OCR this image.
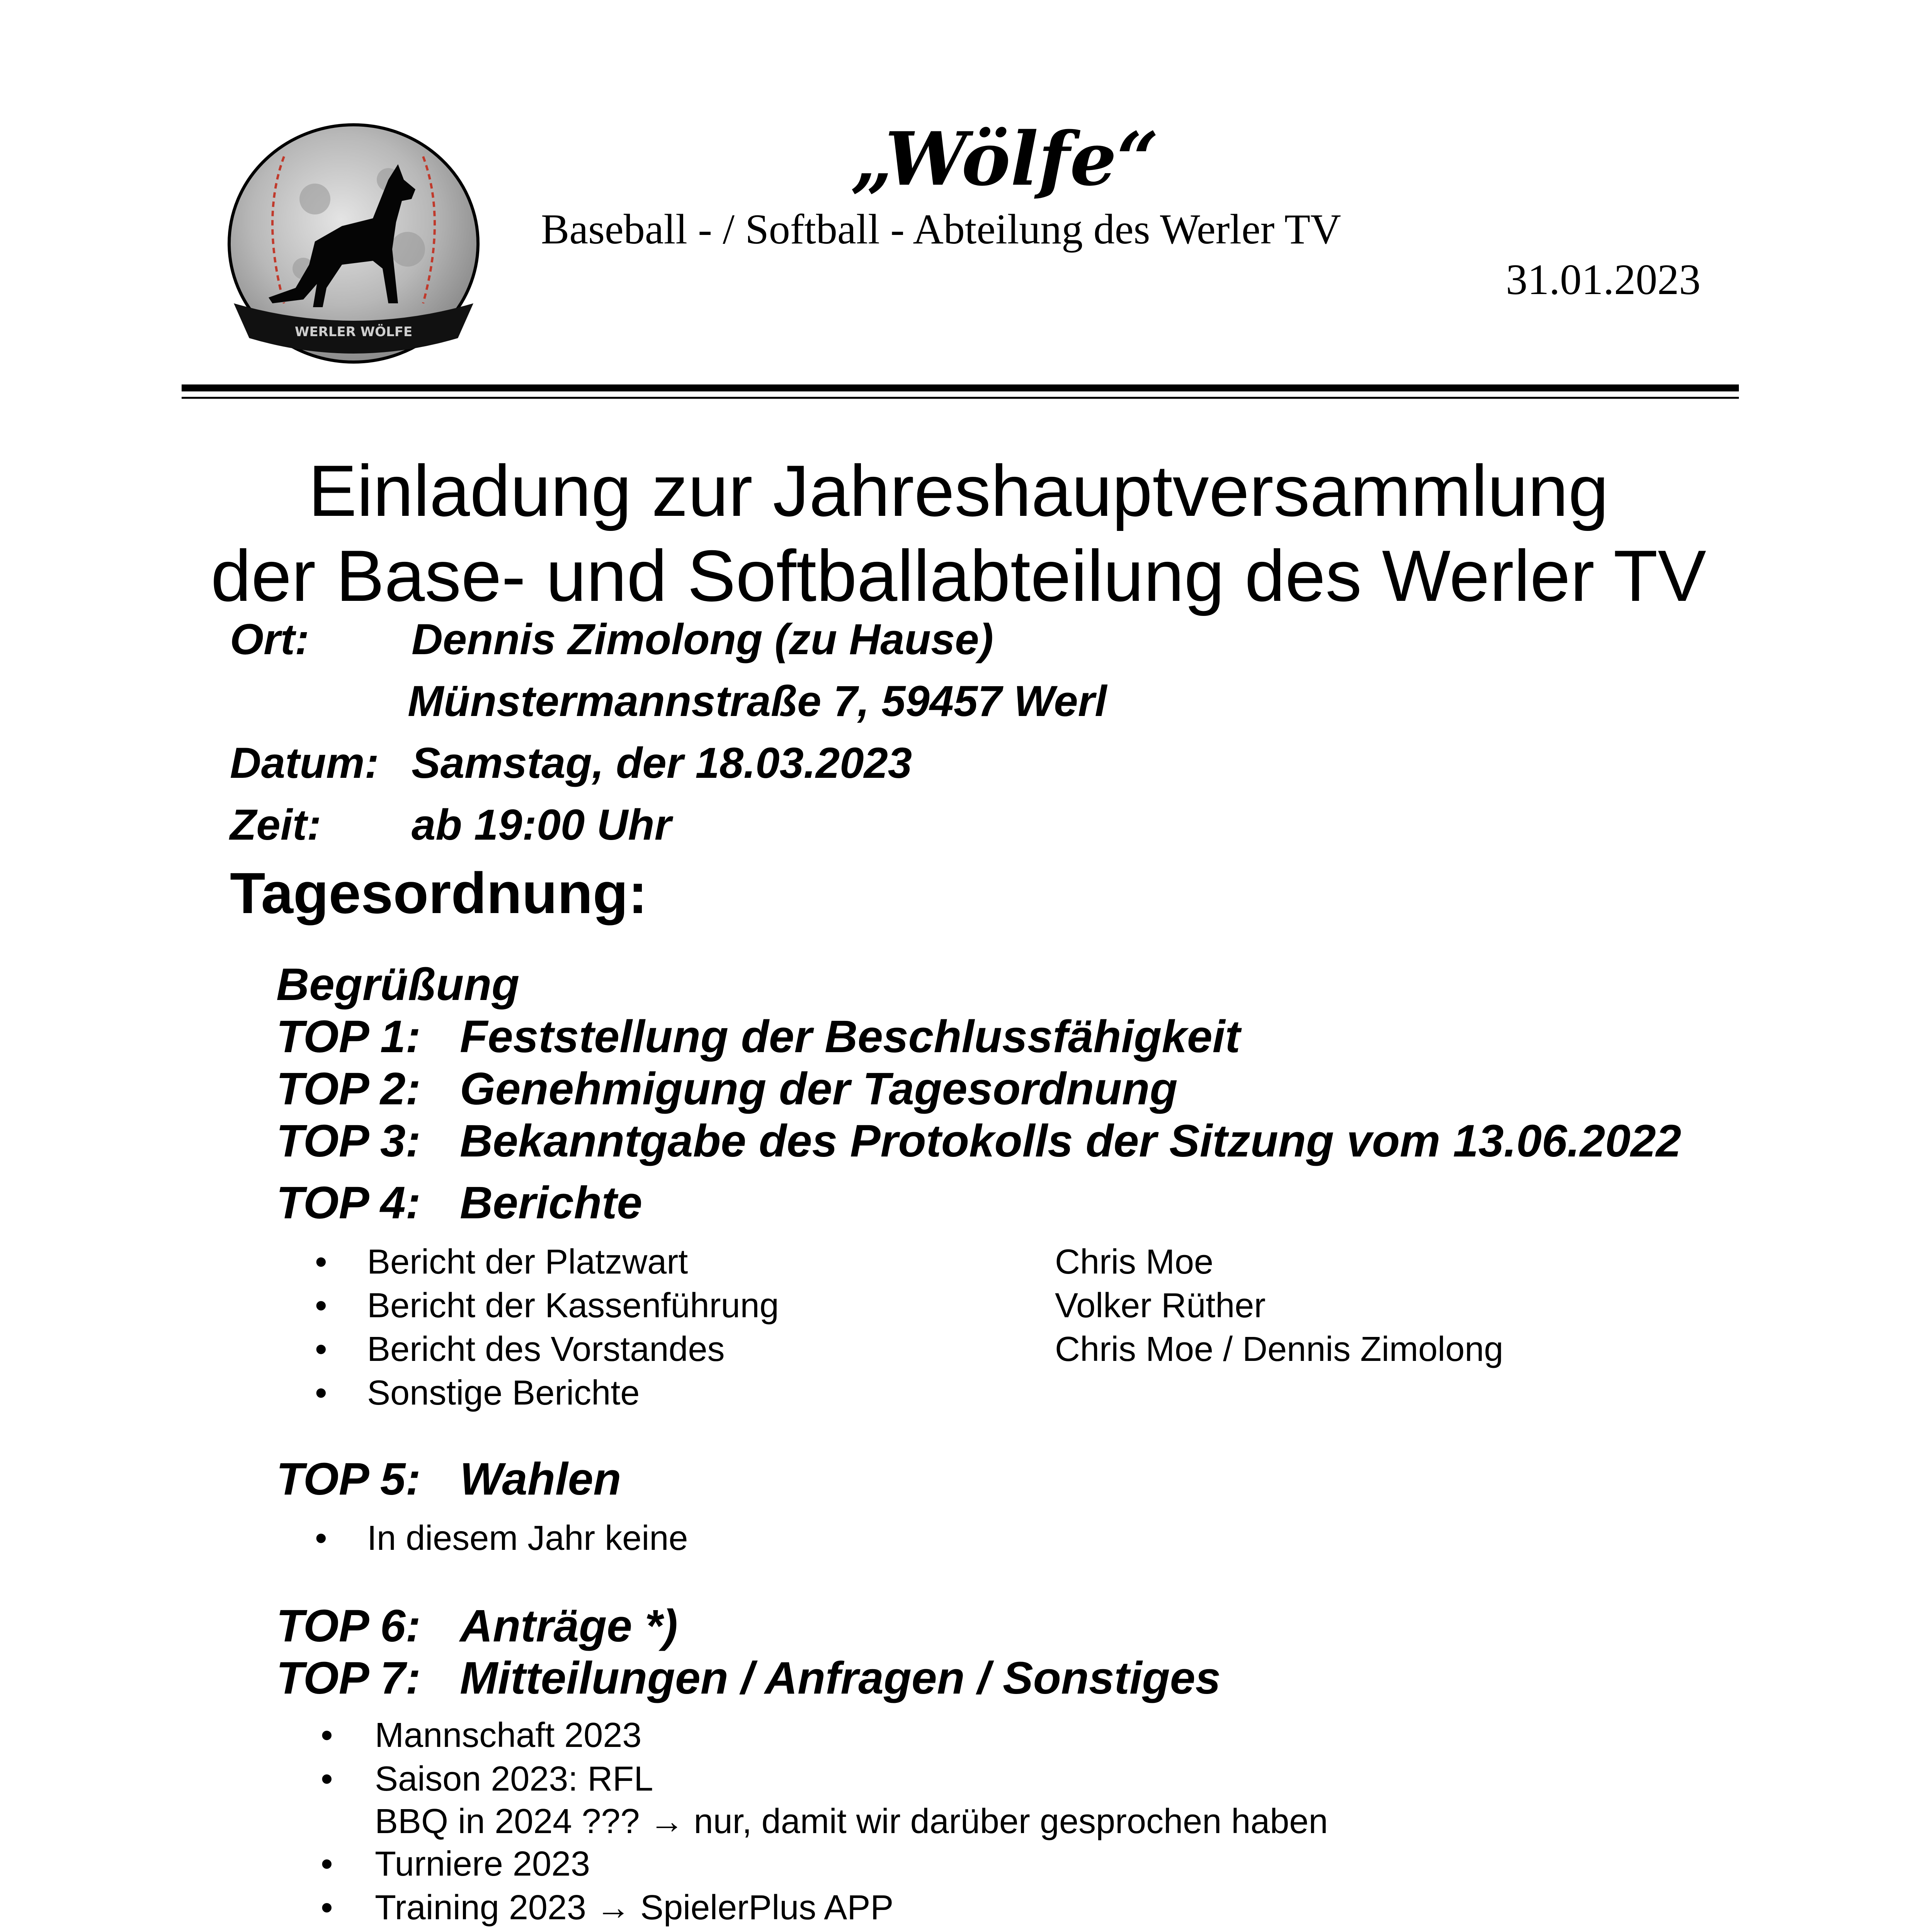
WERLER WÖLFE
„Wölfe“
Baseball - / Softball - Abteilung des Werler TV
31.01.2023
Einladung zur Jahreshauptversammlung
der Base- und Softballabteilung des Werler TV
Ort: Dennis Zimolong (zu Hause)
Münstermannstraße 7, 59457 Werl
Datum: Samstag, der 18.03.2023
Zeit: ab 19:00 Uhr
Tagesordnung:
Begrüßung
TOP 1: Feststellung der Beschlussfähigkeit
TOP 2: Genehmigung der Tagesordnung
TOP 3: Bekanntgabe des Protokolls der Sitzung vom 13.06.2022
TOP 4: Berichte
• Bericht der Platzwart	Chris Moe
• Bericht der Kassenführung	Volker Rüther
• Bericht des Vorstandes	Chris Moe / Dennis Zimolong
• Sonstige Berichte
TOP 5: Wahlen
• In diesem Jahr keine
TOP 6: Anträge *)
TOP 7: Mitteilungen / Anfragen / Sonstiges
• Mannschaft 2023
• Saison 2023: RFL
BBQ in 2024 ??? → nur, damit wir darüber gesprochen haben
• Turniere 2023
• Training 2023 → SpielerPlus APP
